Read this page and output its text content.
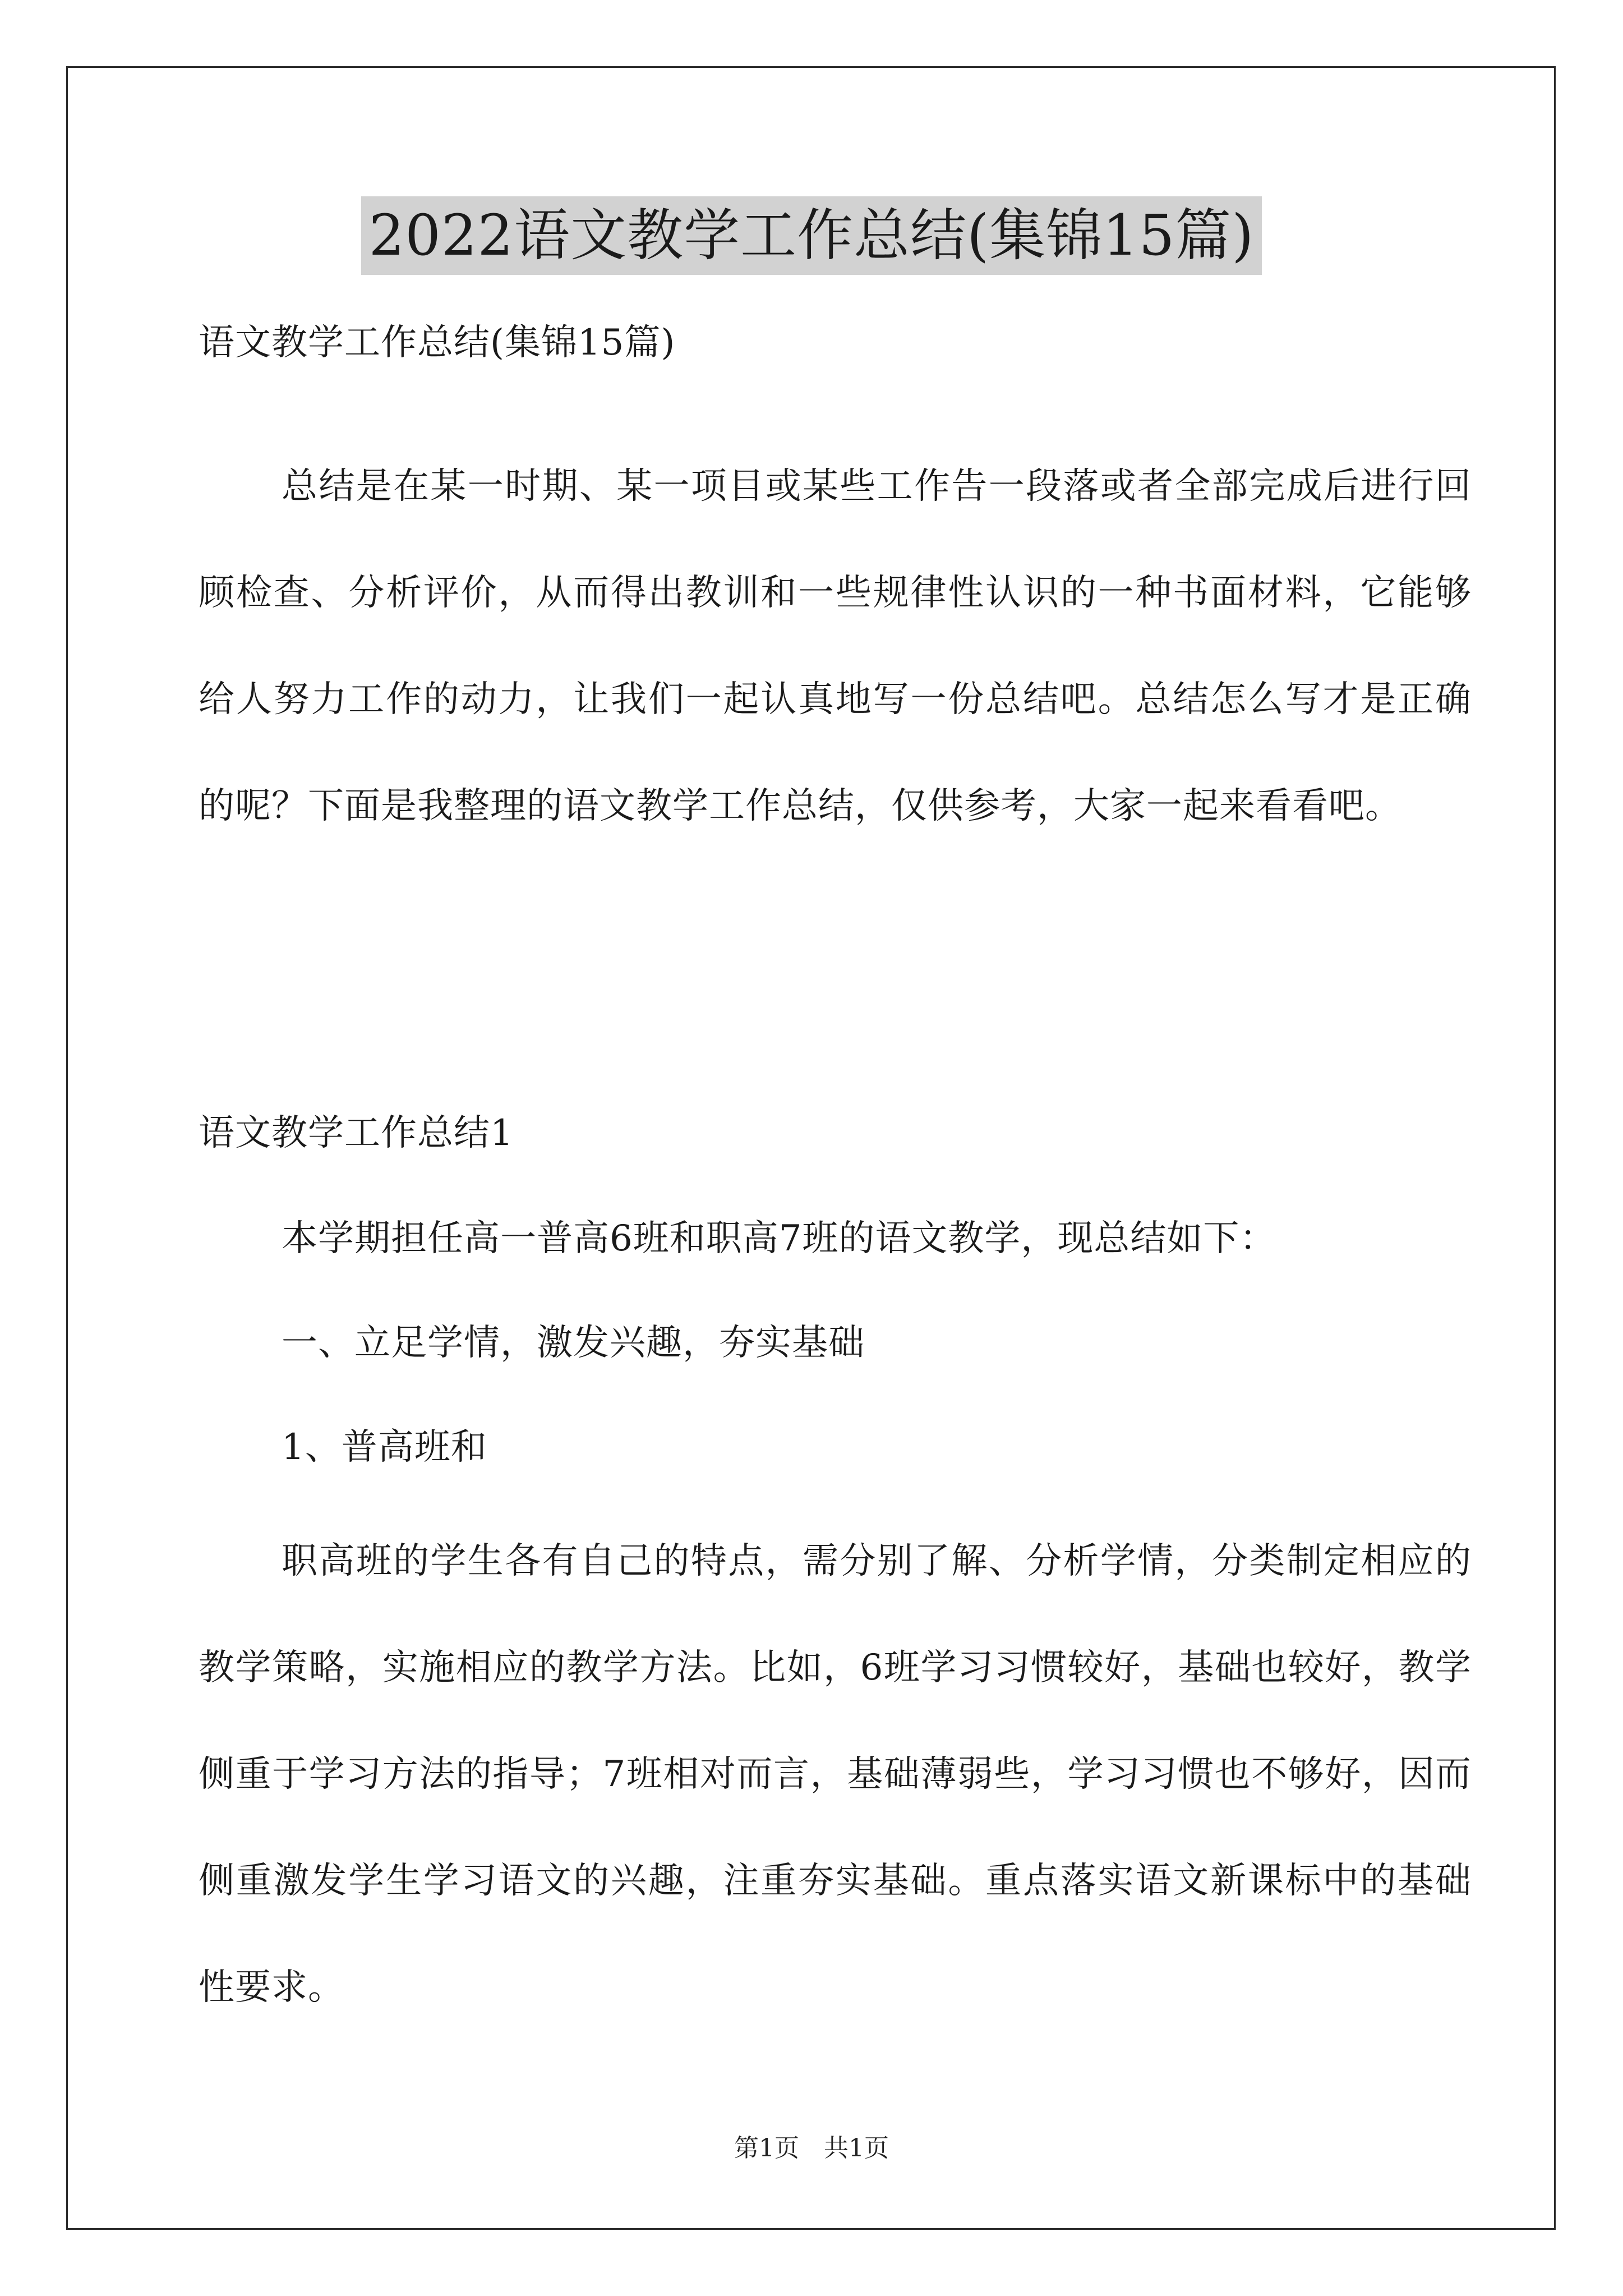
2022语文教学工作总结(集锦15篇)
语文教学工作总结(集锦15篇)
总结是在某一时期、某一项目或某些工作告一段落或者全部完成后进行回顾检查、分析评价，从而得出教训和一些规律性认识的一种书面材料，它能够给人努力工作的动力，让我们一起认真地写一份总结吧。总结怎么写才是正确的呢？下面是我整理的语文教学工作总结，仅供参考，大家一起来看看吧。
语文教学工作总结1
本学期担任高一普高6班和职高7班的语文教学，现总结如下：
一、立足学情，激发兴趣，夯实基础
1、普高班和
职高班的学生各有自己的特点，需分别了解、分析学情，分类制定相应的教学策略，实施相应的教学方法。比如，6班学习习惯较好，基础也较好，教学侧重于学习方法的指导；7班相对而言，基础薄弱些，学习习惯也不够好，因而侧重激发学生学习语文的兴趣，注重夯实基础。重点落实语文新课标中的基础性要求。
第1页　共1页
